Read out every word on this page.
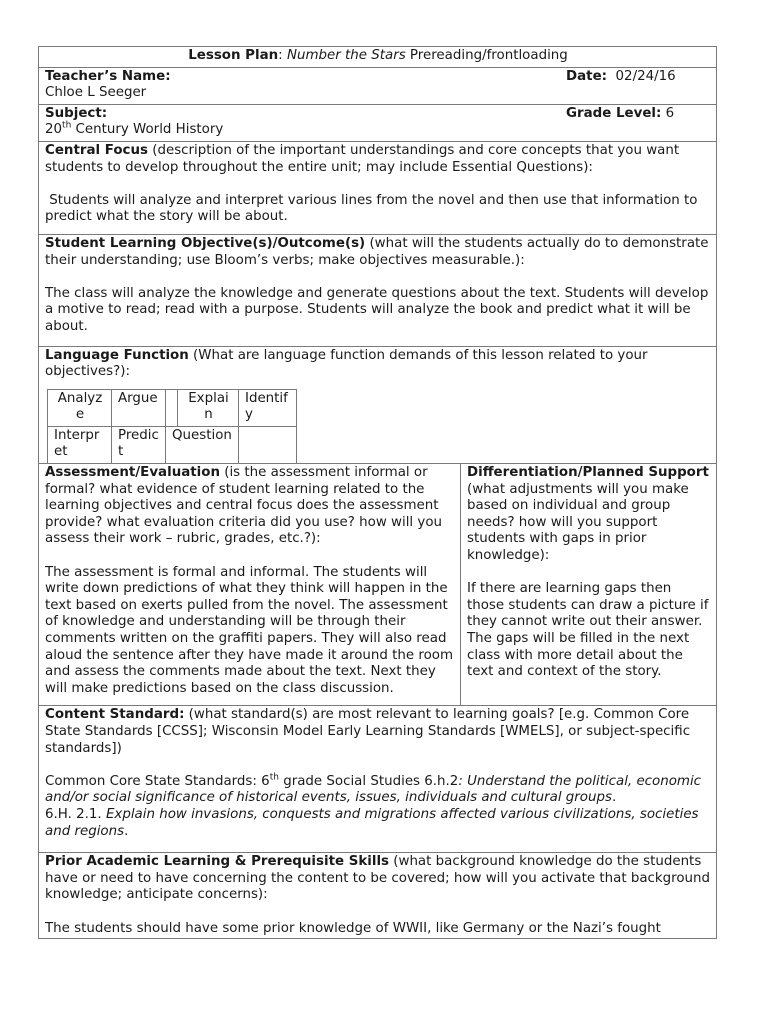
Lesson Plan: Number the Stars Prereading/frontloading

Teacher’s Name:	Date: 02/24/16
Chloe L Seeger

Subject:	Grade Level: 6
20th Century World History

Central Focus (description of the important understandings and core concepts that you want students to develop throughout the entire unit; may include Essential Questions):
Students will analyze and interpret various lines from the novel and then use that information to predict what the story will be about.

Student Learning Objective(s)/Outcome(s) (what will the students actually do to demonstrate their understanding; use Bloom’s verbs; make objectives measurable.):
The class will analyze the knowledge and generate questions about the text. Students will develop a motive to read; read with a purpose. Students will analyze the book and predict what it will be about.

Language Function (What are language function demands of this lesson related to your objectives?):
Analyz e	Argue		Explai n	Identif y
Interpr et	Predic t	Question	

Assessment/Evaluation (is the assessment informal or formal? what evidence of student learning related to the learning objectives and central focus does the assessment provide? what evaluation criteria did you use? how will you assess their work – rubric, grades, etc.?):
The assessment is formal and informal. The students will write down predictions of what they think will happen in the text based on exerts pulled from the novel. The assessment of knowledge and understanding will be through their comments written on the graffiti papers. They will also read aloud the sentence after they have made it around the room and assess the comments made about the text. Next they will make predictions based on the class discussion.

Differentiation/Planned Support (what adjustments will you make based on individual and group needs? how will you support students with gaps in prior knowledge):
If there are learning gaps then those students can draw a picture if they cannot write out their answer. The gaps will be filled in the next class with more detail about the text and context of the story.

Content Standard: (what standard(s) are most relevant to learning goals? [e.g. Common Core State Standards [CCSS]; Wisconsin Model Early Learning Standards [WMELS], or subject-specific standards])
Common Core State Standards: 6th grade Social Studies 6.h.2: Understand the political, economic and/or social significance of historical events, issues, individuals and cultural groups.
6.H. 2.1. Explain how invasions, conquests and migrations affected various civilizations, societies and regions.

Prior Academic Learning & Prerequisite Skills (what background knowledge do the students have or need to have concerning the content to be covered; how will you activate that background knowledge; anticipate concerns):
The students should have some prior knowledge of WWII, like Germany or the Nazi’s fought
